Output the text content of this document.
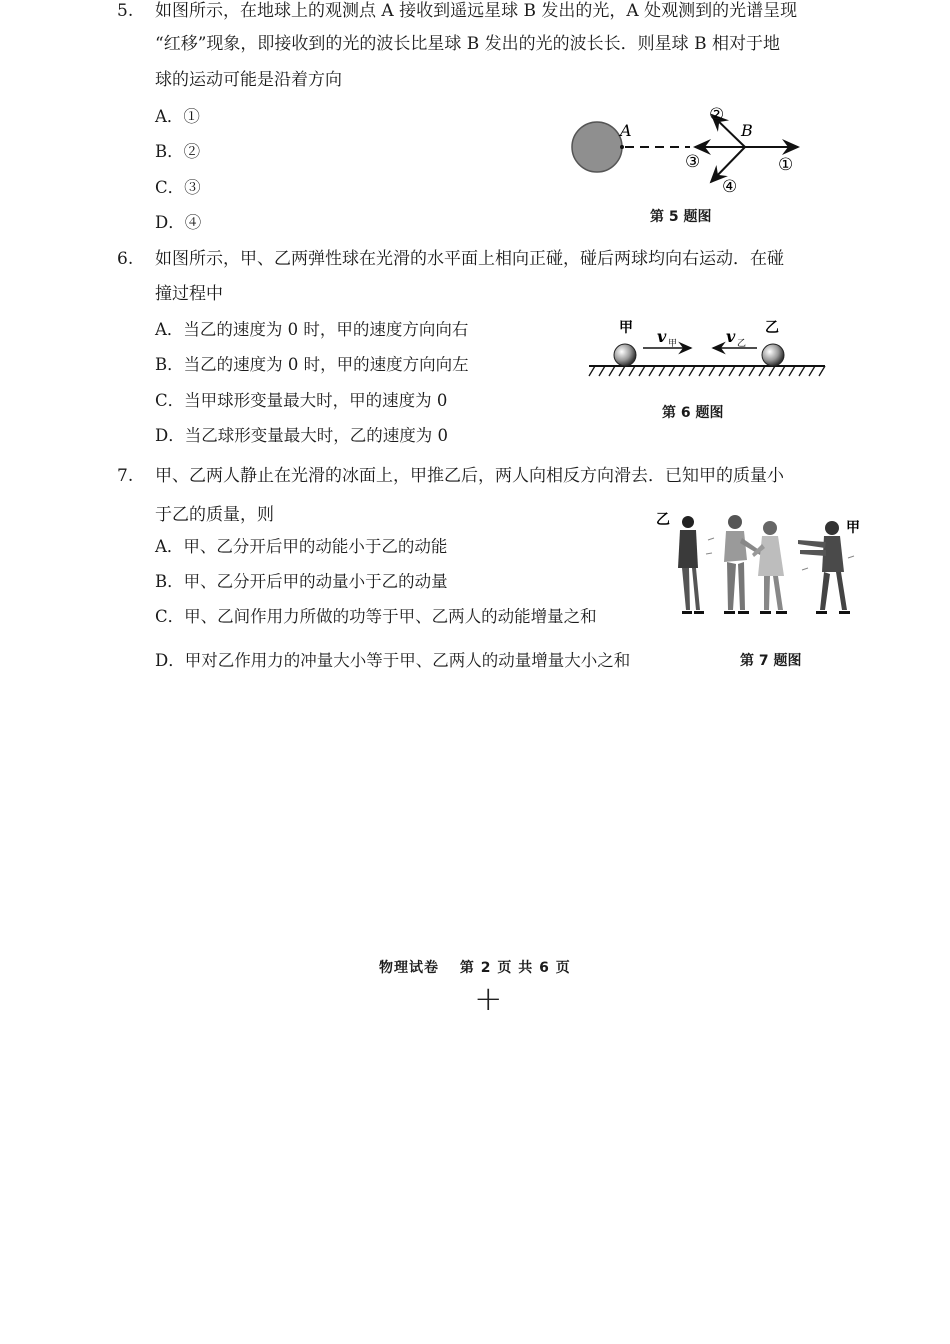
5. 如图所示，在地球上的观测点 A 接收到遥远星球 B 发出的光，A 处观测到的光谱呈现
“红移”现象，即接收到的光的波长比星球 B 发出的光的波长长．则星球 B 相对于地
球的运动可能是沿着方向
A．①
B．②
C．③
D．④
A	B
①
②
③
④
第 5 题图
6. 如图所示，甲、乙两弹性球在光滑的水平面上相向正碰，碰后两球均向右运动．在碰
撞过程中
A．当乙的速度为 0 时，甲的速度方向向右
B．当乙的速度为 0 时，甲的速度方向向左
C．当甲球形变量最大时，甲的速度为 0
D．当乙球形变量最大时，乙的速度为 0
甲	乙
v 甲	v 乙
第 6 题图
7. 甲、乙两人静止在光滑的冰面上，甲推乙后，两人向相反方向滑去．已知甲的质量小
于乙的质量，则
A．甲、乙分开后甲的动能小于乙的动能
B．甲、乙分开后甲的动量小于乙的动量
C．甲、乙间作用力所做的功等于甲、乙两人的动能增量之和
D．甲对乙作用力的冲量大小等于甲、乙两人的动量增量大小之和
乙	甲
第 7 题图
物理试卷　 第 2 页 共 6 页
+
